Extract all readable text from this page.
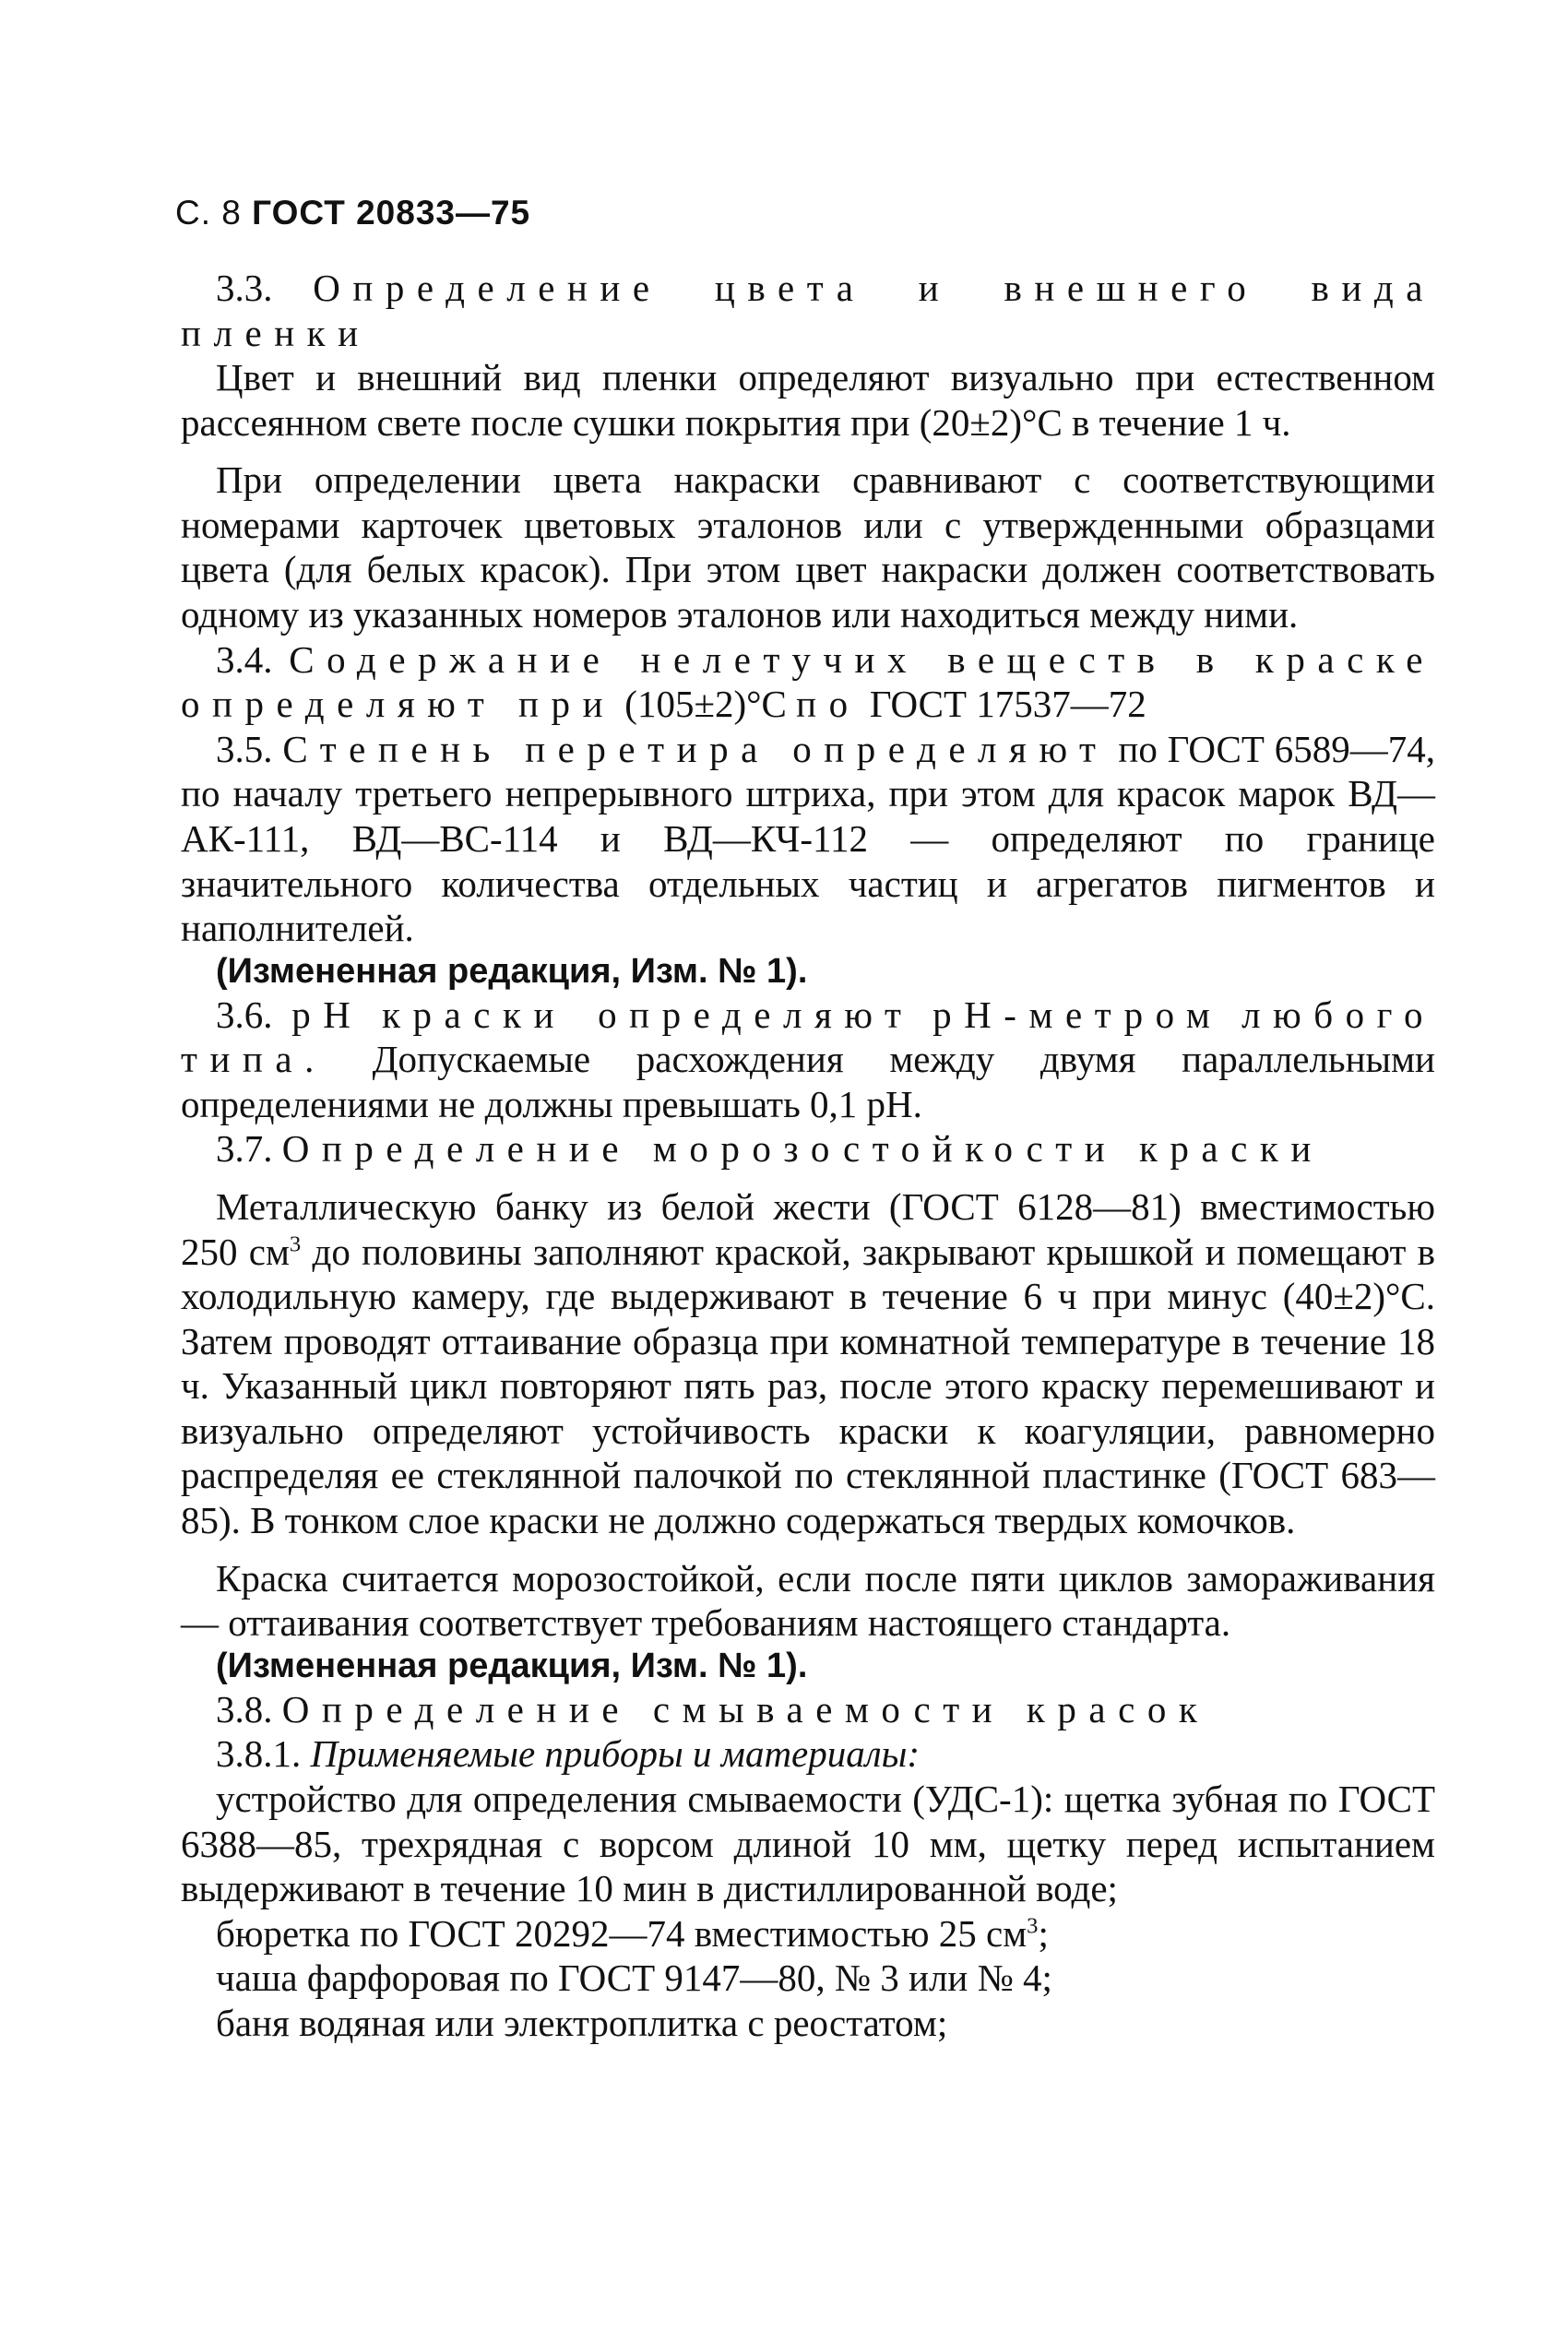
С. 8 ГОСТ 20833—75

3.3. Определение цвета и внешнего вида пленки

Цвет и внешний вид пленки определяют визуально при естественном рассеянном свете после сушки покрытия при (20±2)°С в течение 1 ч.

При определении цвета накраски сравнивают с соответствующими номерами карточек цветовых эталонов или с утвержденными образцами цвета (для белых красок). При этом цвет накраски должен соответствовать одному из указанных номеров эталонов или находиться между ними.

3.4. Содержание нелетучих веществ в краске определяют при (105±2)°С по ГОСТ 17537—72

3.5. Степень перетира определяют по ГОСТ 6589—74, по началу третьего непрерывного штриха, при этом для красок марок ВД—АК-111, ВД—ВС-114 и ВД—КЧ-112 — определяют по границе значительного количества отдельных частиц и агрегатов пигментов и наполнителей.

(Измененная редакция, Изм. № 1).

3.6. pH краски определяют pH-метром любого типа. Допускаемые расхождения между двумя параллельными определениями не должны превышать 0,1 pH.

3.7. Определение морозостойкости краски

Металлическую банку из белой жести (ГОСТ 6128—81) вместимостью 250 $см^3$ до половины заполняют краской, закрывают крышкой и помещают в холодильную камеру, где выдерживают в течение 6 ч при минус (40±2)°С. Затем проводят оттаивание образца при комнатной температуре в течение 18 ч. Указанный цикл повторяют пять раз, после этого краску перемешивают и визуально определяют устойчивость краски к коагуляции, равномерно распределяя ее стеклянной палочкой по стеклянной пластинке (ГОСТ 683—85). В тонком слое краски не должно содержаться твердых комочков.

Краска считается морозостойкой, если после пяти циклов замораживания — оттаивания соответствует требованиям настоящего стандарта.

(Измененная редакция, Изм. № 1).

3.8. Определение смываемости красок

3.8.1. Применяемые приборы и материалы:

устройство для определения смываемости (УДС-1): щетка зубная по ГОСТ 6388—85, трехрядная с ворсом длиной 10 мм, щетку перед испытанием выдерживают в течение 10 мин в дистиллированной воде;

бюретка по ГОСТ 20292—74 вместимостью 25 $см^3$;

чаша фарфоровая по ГОСТ 9147—80, № 3 или № 4;

баня водяная или электроплитка с реостатом;
